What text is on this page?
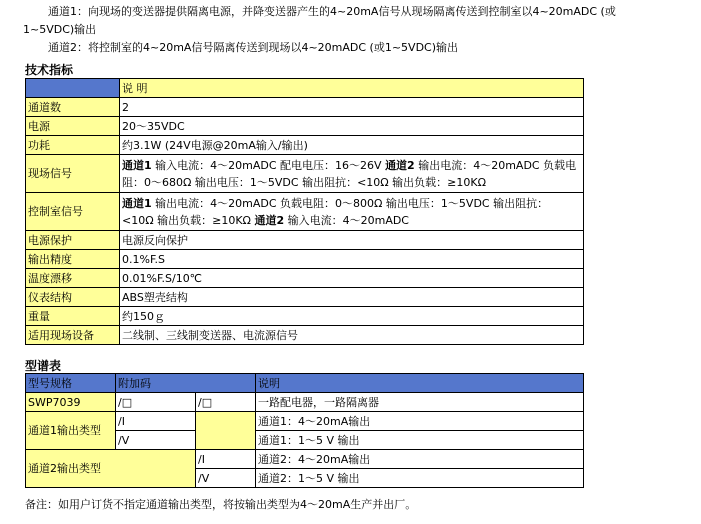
通道1：向现场的变送器提供隔离电源，并降变送器产生的4~20mA信号从现场隔离传送到控制室以4~20mADC (或
1~5VDC)输出
通道2：将控制室的4~20mA信号隔离传送到现场以4~20mADC (或1~5VDC)输出
技术指标
	说 明
通道数	2
电源	20～35VDC
功耗	约3.1W (24V电源@20mA输入/输出)
现场信号	通道1 输入电流：4～20mADC 配电电压：16～26V 通道2 输出电流：4～20mADC 负载电
阻：0～680Ω 输出电压：1～5VDC 输出阻抗：<10Ω 输出负载：≥10KΩ

控制室信号	通道1 输出电流：4～20mADC 负载电阻：0～800Ω 输出电压：1～5VDC 输出阻抗：
<10Ω 输出负载：≥10KΩ 通道2 输入电流：4～20mADC

电源保护	电源反向保护
输出精度	0.1%F.S
温度漂移	0.01%F.S/10℃
仪表结构	ABS塑壳结构
重量	约150ｇ
适用现场设备	二线制、三线制变送器、电流源信号
型谱表
型号规格	附加码		说明
SWP7039	/□	/□	一路配电器，一路隔离器
通道1输出类型	/I		通道1：4～20mA输出
	/V		通道1：1～5 V 输出
通道2输出类型		/I	通道2：4～20mA输出
		/V	通道2：1～5 V 输出
备注：如用户订货不指定通道输出类型，将按输出类型为4～20mA生产并出厂。
